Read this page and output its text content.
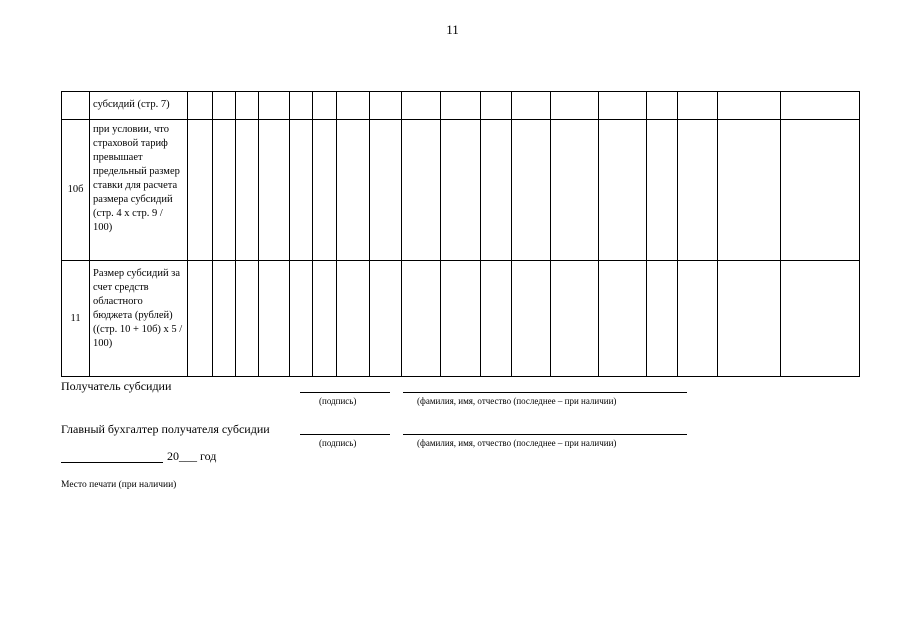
11
	субсидий (стр. 7)																		
10б	при условии, что страховой тариф превышает предельный размер ставки для расчета размера субсидий (стр. 4 х стр. 9 / 100)																		
11	Размер субсидий за счет средств областного бюджета (рублей) ((стр. 10 + 10б) х 5 / 100)																		
Получатель субсидии
(подпись)	(фамилия, имя, отчество (последнее – при наличии)
Главный бухгалтер получателя субсидии
(подпись)	(фамилия, имя, отчество (последнее – при наличии)
20___ год
Место печати (при наличии)
